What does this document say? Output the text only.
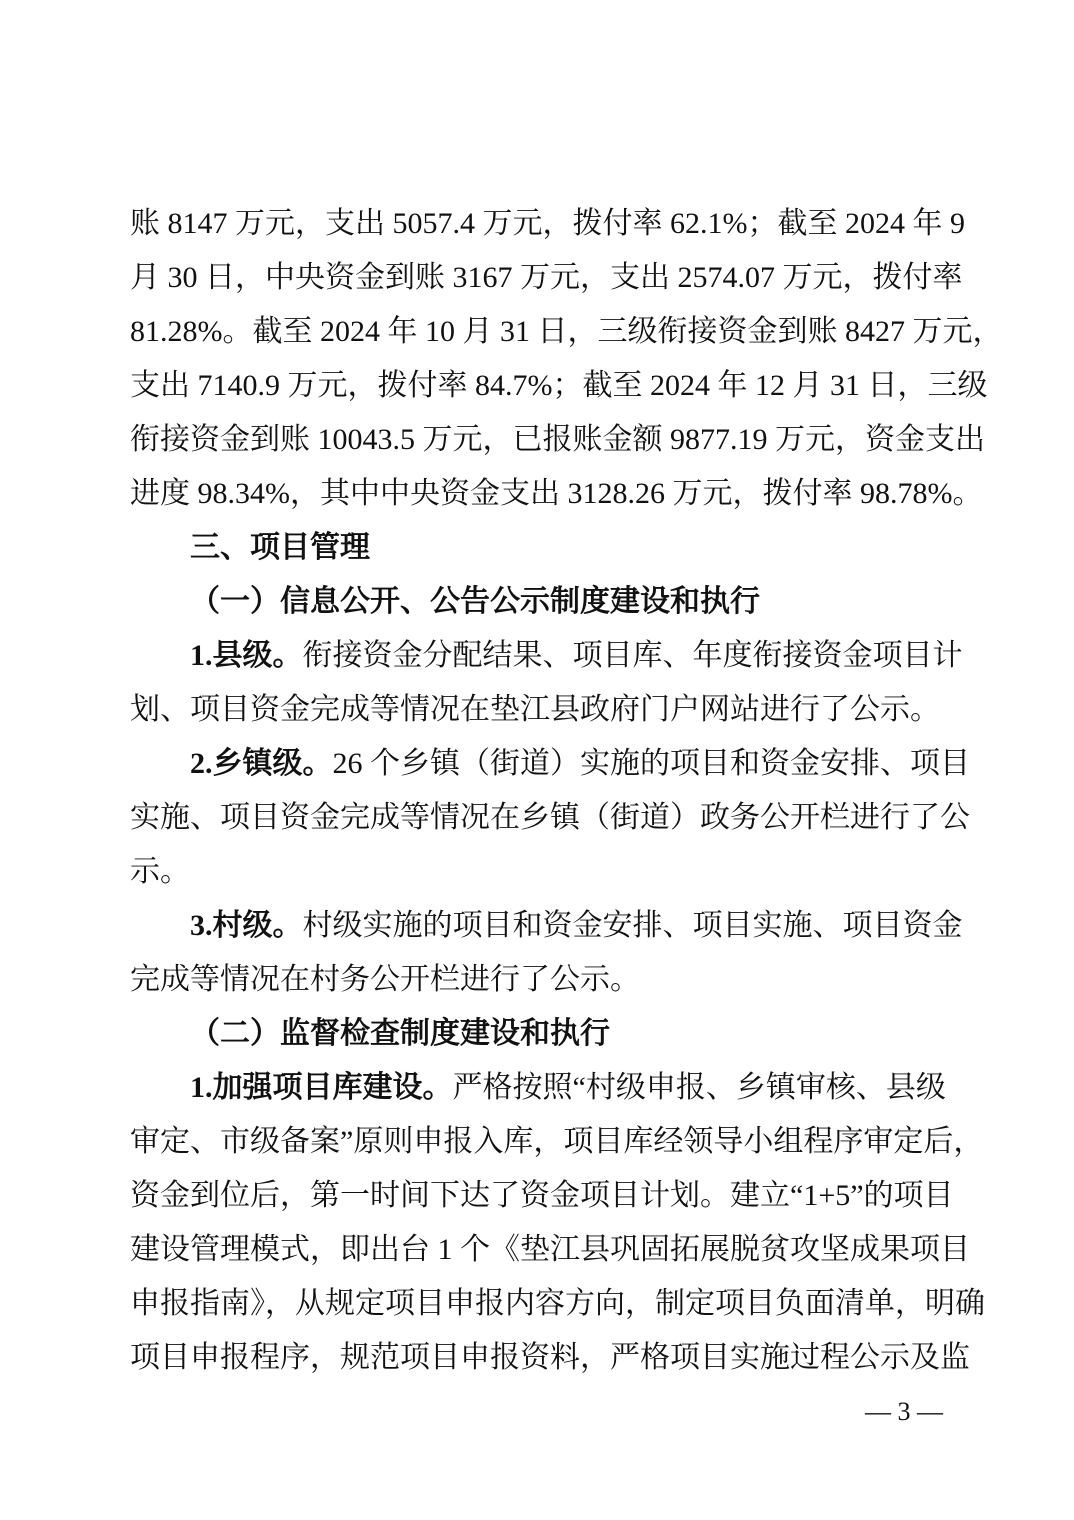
账 8147 万元，支出 5057.4 万元，拨付率 62.1%；截至 2024 年 9
月 30 日，中央资金到账 3167 万元，支出 2574.07 万元，拨付率
81.28%。截至 2024 年 10 月 31 日，三级衔接资金到账 8427 万元，
支出 7140.9 万元，拨付率 84.7%；截至 2024 年 12 月 31 日，三级
衔接资金到账 10043.5 万元，已报账金额 9877.19 万元，资金支出
进度 98.34%，其中中央资金支出 3128.26 万元，拨付率 98.78%。
三、项目管理
（一）信息公开、公告公示制度建设和执行
1.县级。衔接资金分配结果、项目库、年度衔接资金项目计
划、项目资金完成等情况在垫江县政府门户网站进行了公示。
2.乡镇级。26 个乡镇（街道）实施的项目和资金安排、项目
实施、项目资金完成等情况在乡镇（街道）政务公开栏进行了公
示。
3.村级。村级实施的项目和资金安排、项目实施、项目资金
完成等情况在村务公开栏进行了公示。
（二）监督检查制度建设和执行
1.加强项目库建设。严格按照“村级申报、乡镇审核、县级
审定、市级备案”原则申报入库，项目库经领导小组程序审定后，
资金到位后，第一时间下达了资金项目计划。建立“1+5”的项目
建设管理模式，即出台 1 个《垫江县巩固拓展脱贫攻坚成果项目
申报指南》，从规定项目申报内容方向，制定项目负面清单，明确
项目申报程序，规范项目申报资料，严格项目实施过程公示及监
— 3 —
